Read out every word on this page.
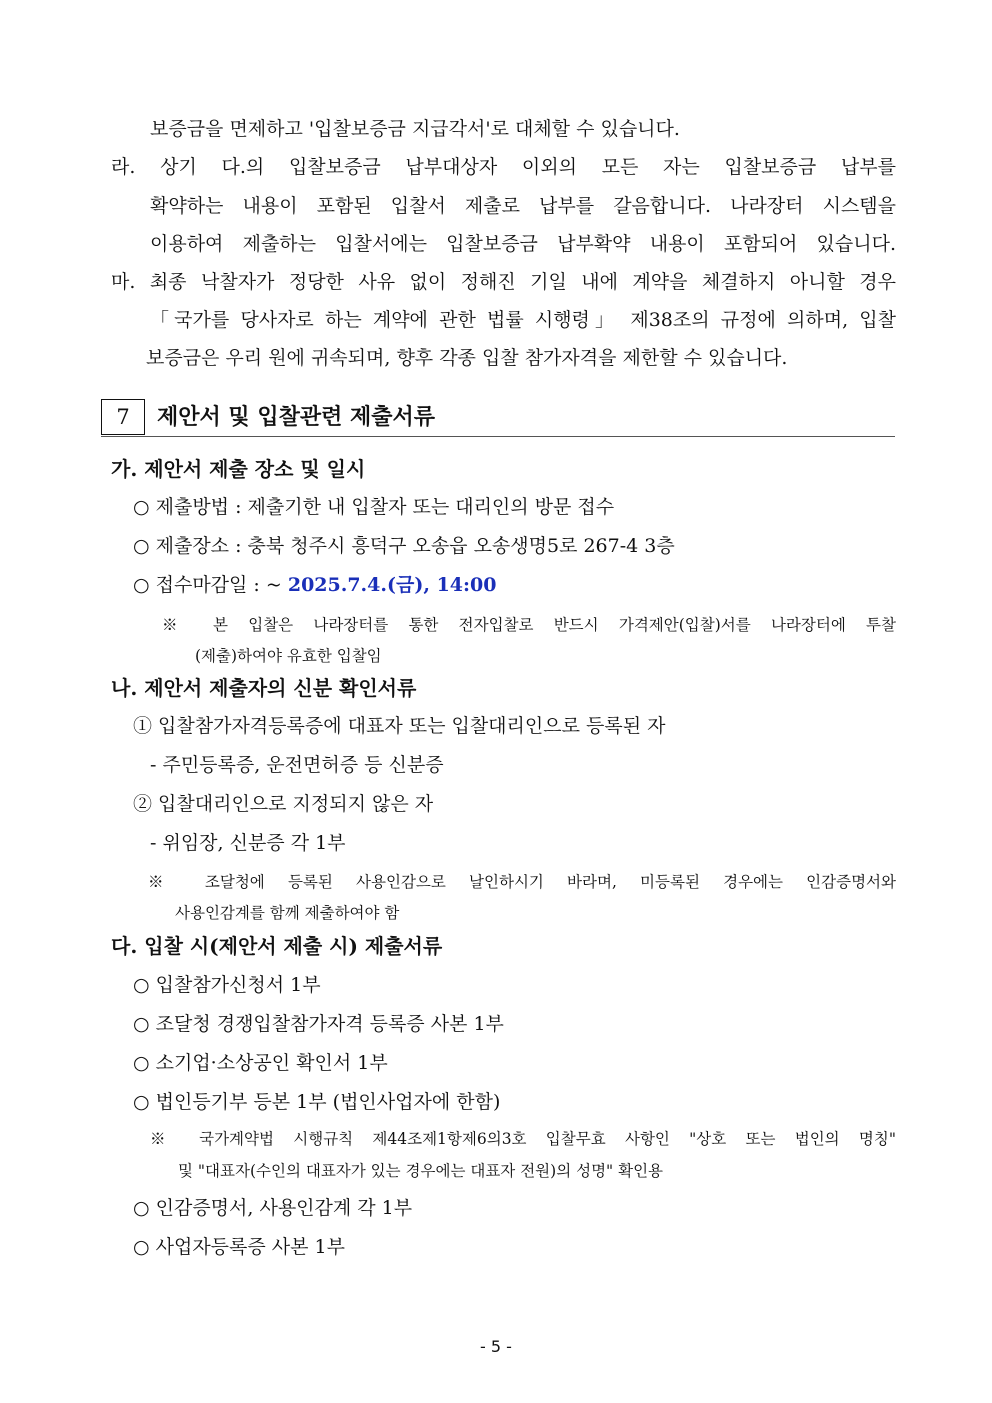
보증금을 면제하고 '입찰보증금 지급각서'로 대체할 수 있습니다.
라. 상기 다.의 입찰보증금 납부대상자 이외의 모든 자는 입찰보증금 납부를
확약하는 내용이 포함된 입찰서 제출로 납부를 갈음합니다. 나라장터 시스템을
이용하여 제출하는 입찰서에는 입찰보증금 납부확약 내용이 포함되어 있습니다.
마. 최종 낙찰자가 정당한 사유 없이 정해진 기일 내에 계약을 체결하지 아니할 경우
「국가를 당사자로 하는 계약에 관한 법률 시행령」 제38조의 규정에 의하며, 입찰
보증금은 우리 원에 귀속되며, 향후 각종 입찰 참가자격을 제한할 수 있습니다.
7 제안서 및 입찰관련 제출서류
가. 제안서 제출 장소 및 일시
○ 제출방법 : 제출기한 내 입찰자 또는 대리인의 방문 접수
○ 제출장소 : 충북 청주시 흥덕구 오송읍 오송생명5로 267-4 3층
○ 접수마감일 : ~ 2025.7.4.(금), 14:00
※ 본 입찰은 나라장터를 통한 전자입찰로 반드시 가격제안(입찰)서를 나라장터에 투찰
(제출)하여야 유효한 입찰임
나. 제안서 제출자의 신분 확인서류
① 입찰참가자격등록증에 대표자 또는 입찰대리인으로 등록된 자
- 주민등록증, 운전면허증 등 신분증
② 입찰대리인으로 지정되지 않은 자
- 위임장, 신분증 각 1부
※ 조달청에 등록된 사용인감으로 날인하시기 바라며, 미등록된 경우에는 인감증명서와
사용인감계를 함께 제출하여야 함
다. 입찰 시(제안서 제출 시) 제출서류
○ 입찰참가신청서 1부
○ 조달청 경쟁입찰참가자격 등록증 사본 1부
○ 소기업·소상공인 확인서 1부
○ 법인등기부 등본 1부 (법인사업자에 한함)
※ 국가계약법 시행규칙 제44조제1항제6의3호 입찰무효 사항인 "상호 또는 법인의 명칭"
및 "대표자(수인의 대표자가 있는 경우에는 대표자 전원)의 성명" 확인용
○ 인감증명서, 사용인감계 각 1부
○ 사업자등록증 사본 1부
- 5 -
